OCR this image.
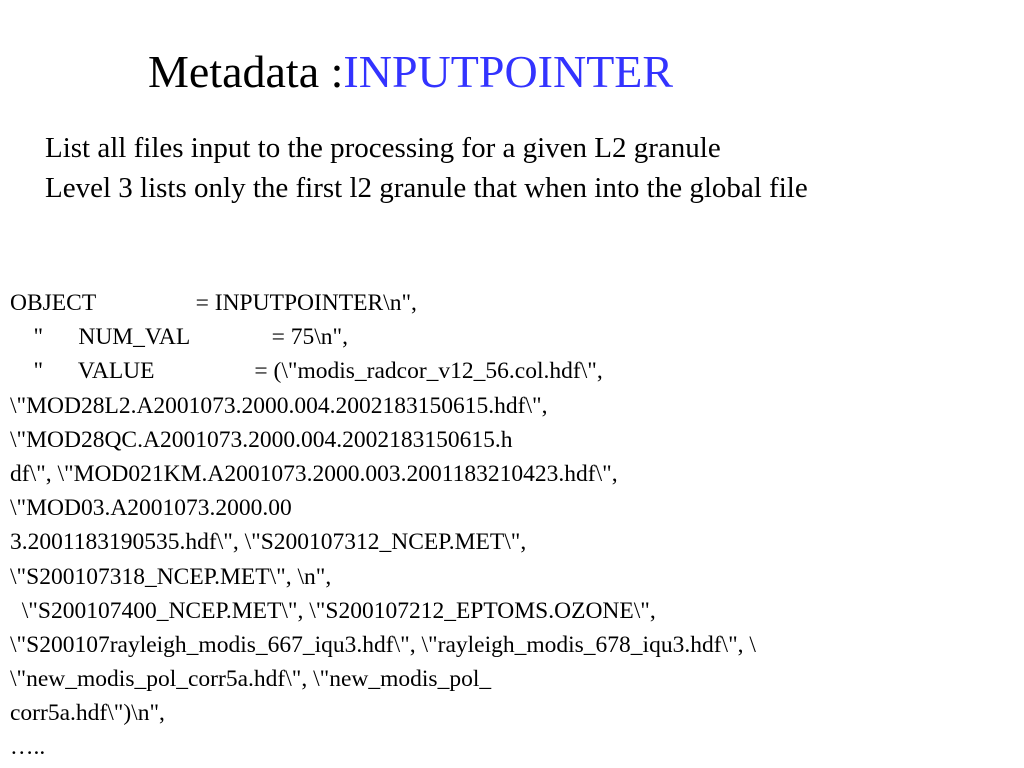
Metadata :INPUTPOINTER
List all files input to the processing for a given L2 granule
Level 3 lists only the first l2 granule that when into the global file
OBJECT                 = INPUTPOINTER\n",
"      NUM_VAL              = 75\n",
"      VALUE                 = (\"modis_radcor_v12_56.col.hdf\",
\"MOD28L2.A2001073.2000.004.2002183150615.hdf\",
\"MOD28QC.A2001073.2000.004.2002183150615.h
df\", \"MOD021KM.A2001073.2000.003.2001183210423.hdf\",
\"MOD03.A2001073.2000.00
3.2001183190535.hdf\", \"S200107312_NCEP.MET\",
\"S200107318_NCEP.MET\", \n",
\"S200107400_NCEP.MET\", \"S200107212_EPTOMS.OZONE\",
\"S200107rayleigh_modis_667_iqu3.hdf\", \"rayleigh_modis_678_iqu3.hdf\", \
\"new_modis_pol_corr5a.hdf\", \"new_modis_pol_
corr5a.hdf\")\n",
…..
